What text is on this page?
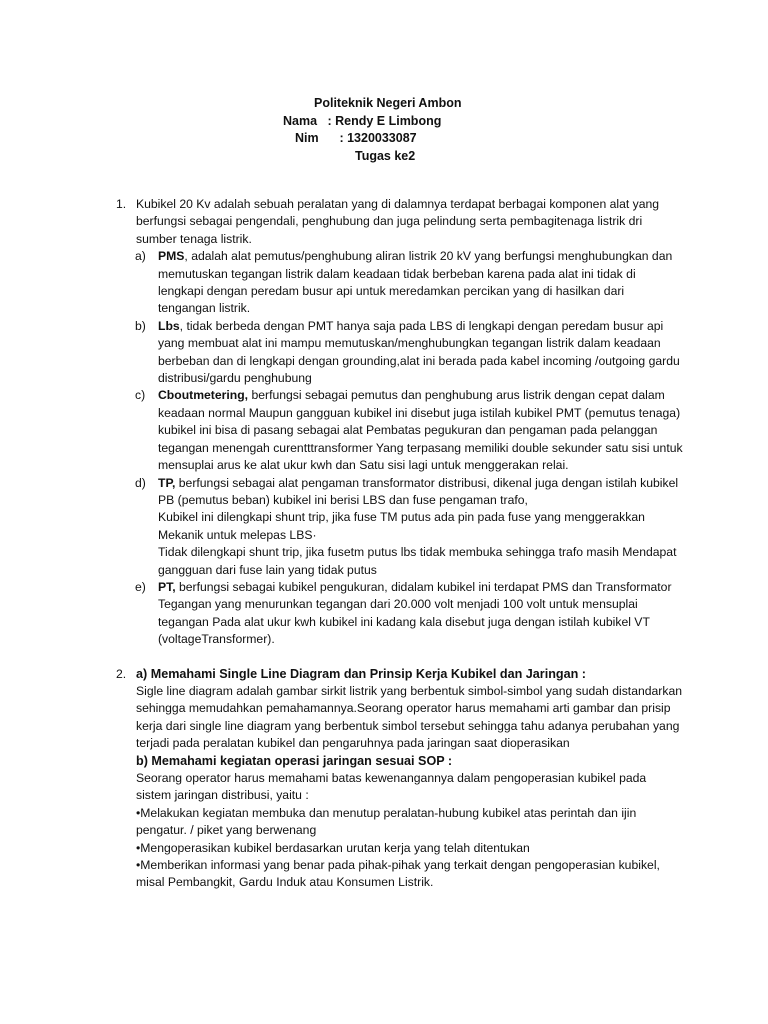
Politeknik Negeri Ambon
Nama   : Rendy E Limbong
Nim      : 1320033087
Tugas ke2
1. Kubikel 20 Kv adalah sebuah peralatan yang di dalamnya terdapat berbagai komponen alat yang berfungsi sebagai pengendali, penghubung dan juga pelindung serta pembagitenaga listrik dri sumber tenaga listrik.

a) PMS, adalah alat pemutus/penghubung aliran listrik 20 kV yang berfungsi menghubungkan dan memutuskan tegangan listrik dalam keadaan tidak berbeban karena pada alat ini tidak di lengkapi dengan peredam busur api untuk meredamkan percikan yang di hasilkan dari tengangan listrik.

b) Lbs, tidak berbeda dengan PMT hanya saja pada LBS di lengkapi dengan peredam busur api yang membuat alat ini mampu memutuskan/menghubungkan tegangan listrik dalam keadaan berbeban dan di lengkapi dengan grounding,alat ini berada pada kabel incoming /outgoing gardu distribusi/gardu penghubung

c) Cboutmetering, berfungsi sebagai pemutus dan penghubung arus listrik dengan cepat dalam keadaan normal Maupun gangguan kubikel ini disebut juga istilah kubikel PMT (pemutus tenaga) kubikel ini bisa di pasang sebagai alat Pembatas pegukuran dan pengaman pada pelanggan tegangan menengah curentttransformer Yang terpasang memiliki double sekunder satu sisi untuk mensuplai arus ke alat ukur kwh dan Satu sisi lagi untuk menggerakan relai.

d) TP, berfungsi sebagai alat pengaman transformator distribusi, dikenal juga dengan istilah kubikel PB (pemutus beban) kubikel ini berisi LBS dan fuse pengaman trafo,

Kubikel ini dilengkapi shunt trip, jika fuse TM putus ada pin pada fuse yang menggerakkan Mekanik untuk melepas LBS·

Tidak dilengkapi shunt trip, jika fusetm putus lbs tidak membuka sehingga trafo masih Mendapat gangguan dari fuse lain yang tidak putus

e) PT, berfungsi sebagai kubikel pengukuran, didalam kubikel ini terdapat PMS dan Transformator Tegangan yang menurunkan tegangan dari 20.000 volt menjadi 100 volt untuk mensuplai tegangan Pada alat ukur kwh kubikel ini kadang kala disebut juga dengan istilah kubikel VT (voltageTransformer).

2. a) Memahami Single Line Diagram dan Prinsip Kerja Kubikel dan Jaringan :

Sigle line diagram adalah gambar sirkit listrik yang berbentuk simbol-simbol yang sudah distandarkan sehingga memudahkan pemahamannya.Seorang operator harus memahami arti gambar dan prisip kerja dari single line diagram yang berbentuk simbol tersebut sehingga tahu adanya perubahan yang terjadi pada peralatan kubikel dan pengaruhnya pada jaringan saat dioperasikan

b) Memahami kegiatan operasi jaringan sesuai SOP :

Seorang operator harus memahami batas kewenangannya dalam pengoperasian kubikel pada sistem jaringan distribusi, yaitu :

•Melakukan kegiatan membuka dan menutup peralatan-hubung kubikel atas perintah dan ijin pengatur. / piket yang berwenang

•Mengoperasikan kubikel berdasarkan urutan kerja yang telah ditentukan

•Memberikan informasi yang benar pada pihak-pihak yang terkait dengan pengoperasian kubikel, misal Pembangkit, Gardu Induk atau Konsumen Listrik.
